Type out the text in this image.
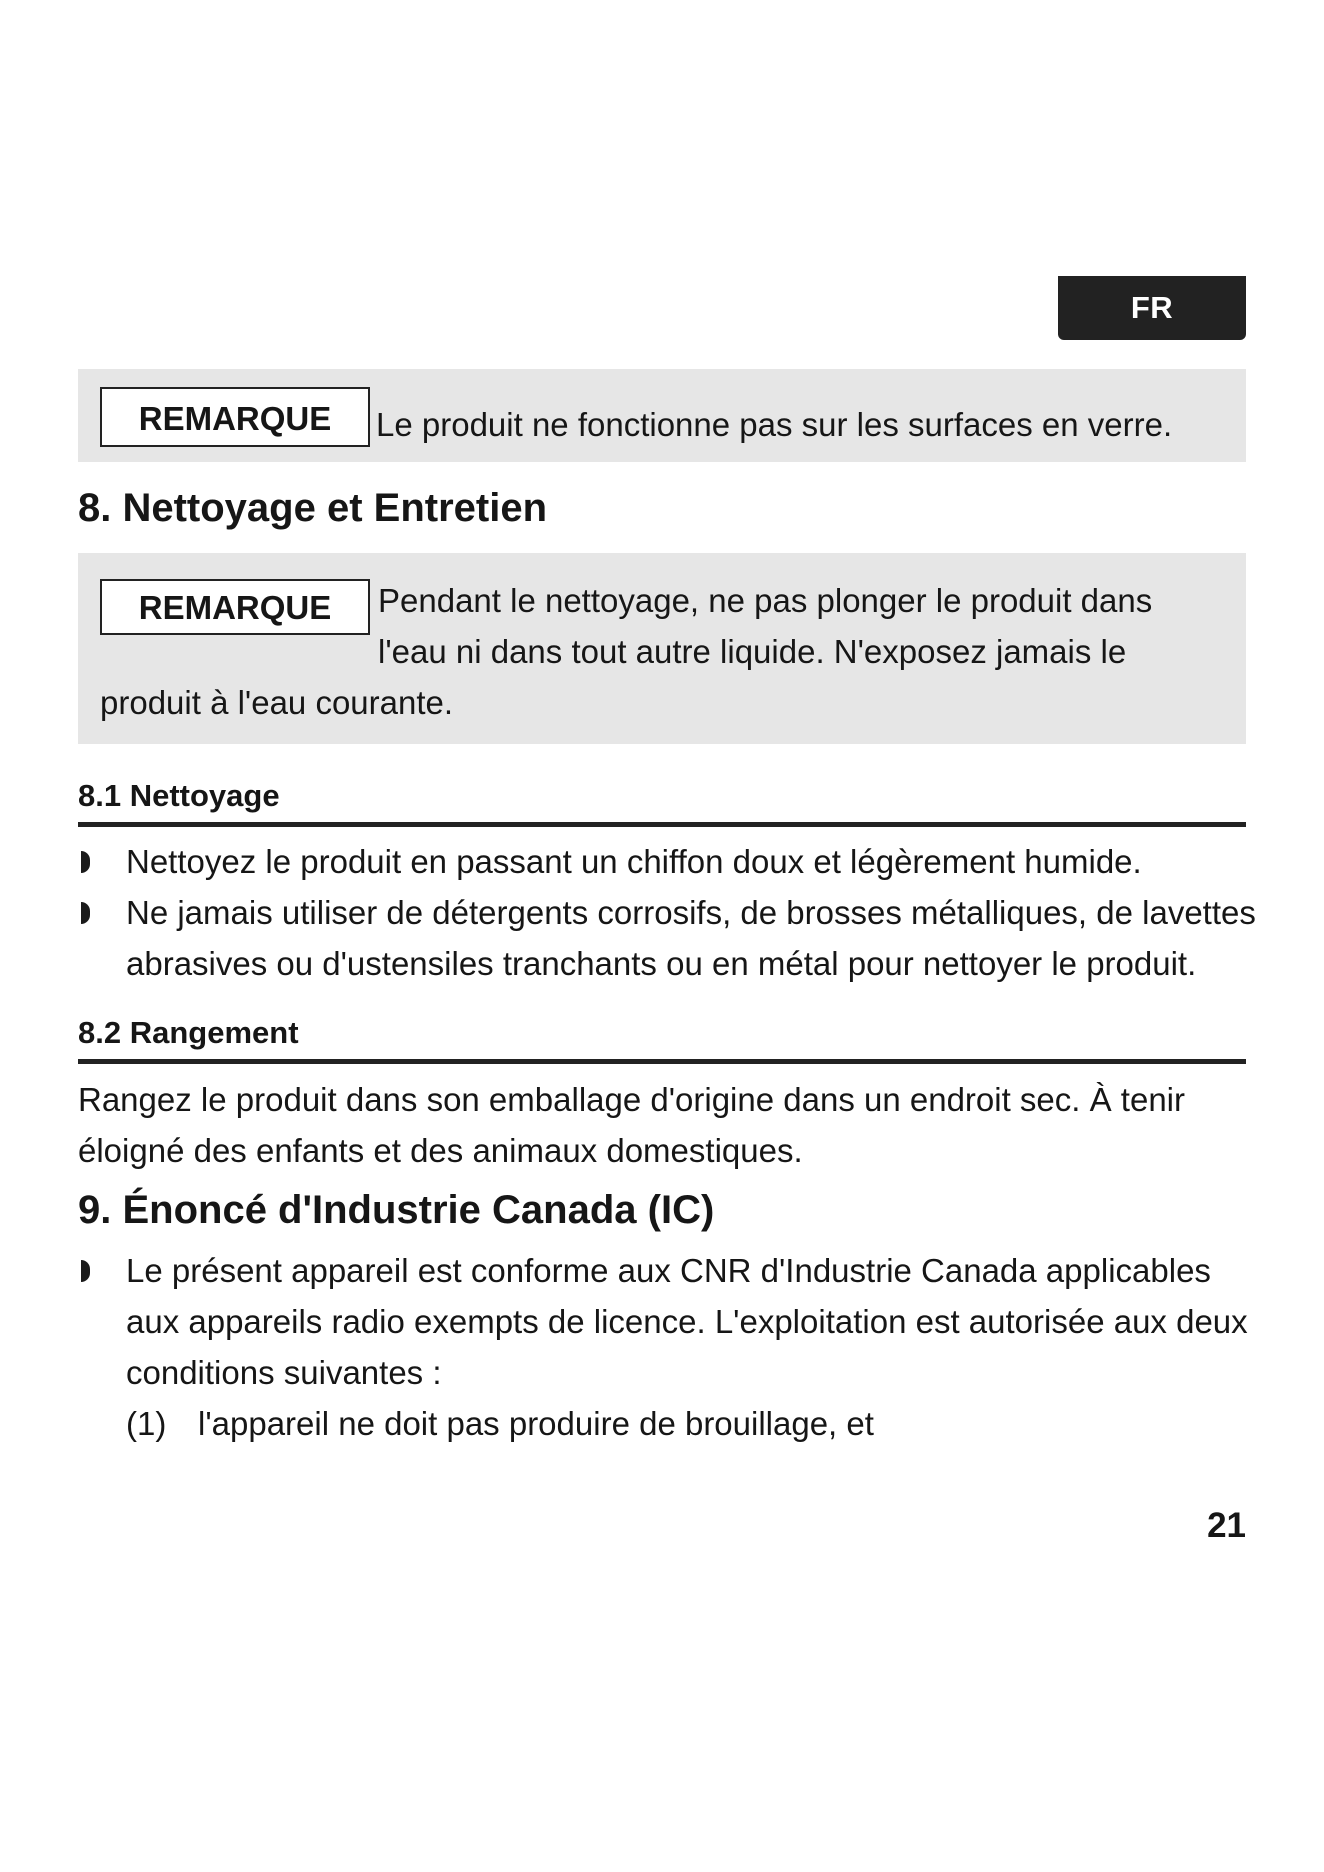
FR
REMARQUE	Le produit ne fonctionne pas sur les surfaces en verre.
8. Nettoyage et Entretien
REMARQUE	Pendant le nettoyage, ne pas plonger le produit dans l'eau ni dans tout autre liquide. N'exposez jamais le produit à l'eau courante.
8.1 Nettoyage
Nettoyez le produit en passant un chiffon doux et légèrement humide.
Ne jamais utiliser de détergents corrosifs, de brosses métalliques, de lavettes abrasives ou d'ustensiles tranchants ou en métal pour nettoyer le produit.
8.2 Rangement
Rangez le produit dans son emballage d'origine dans un endroit sec. À tenir éloigné des enfants et des animaux domestiques.
9. Énoncé d'Industrie Canada (IC)
Le présent appareil est conforme aux CNR d'Industrie Canada applicables aux appareils radio exempts de licence. L'exploitation est autorisée aux deux conditions suivantes :
(1) l'appareil ne doit pas produire de brouillage, et
21
